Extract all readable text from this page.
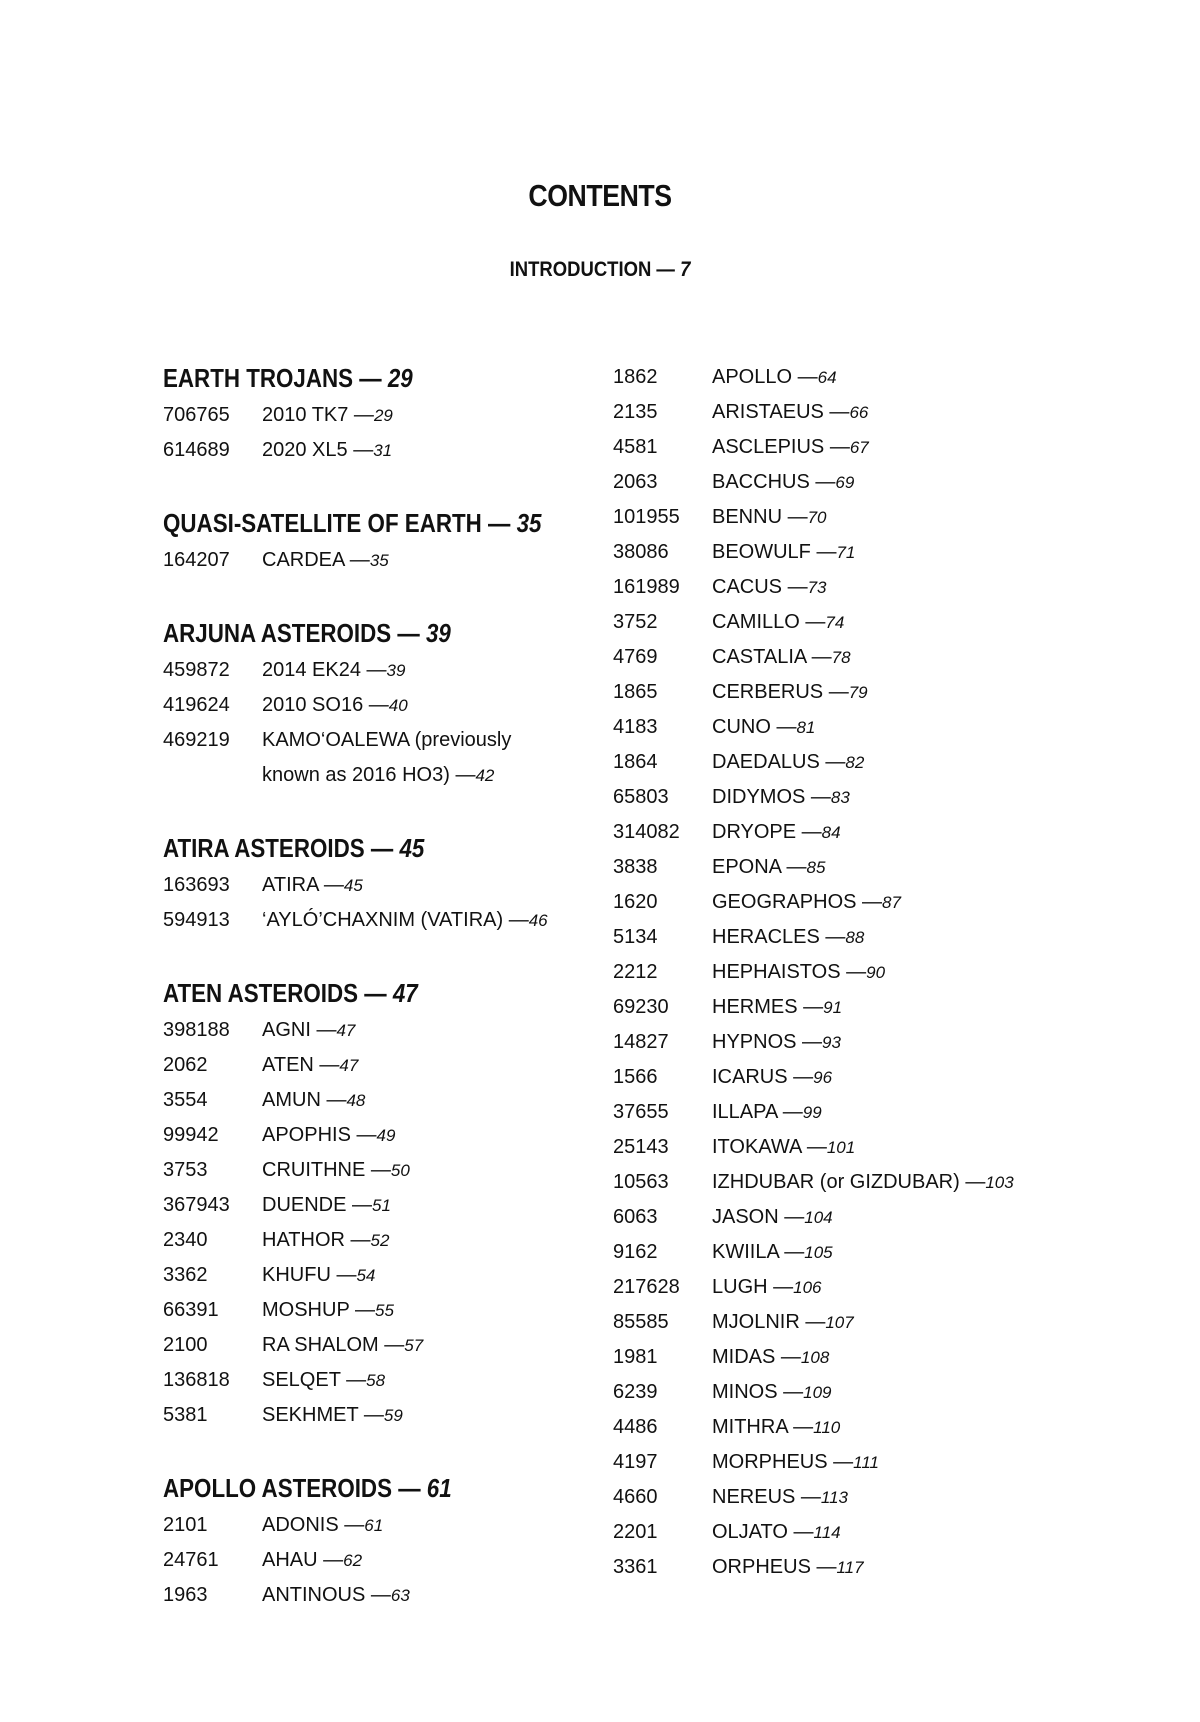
CONTENTS
INTRODUCTION — 7
EARTH TROJANS — 29
706765	2010 TK7 — 29
614689	2020 XL5 — 31
QUASI-SATELLITE OF EARTH — 35
164207	CARDEA — 35
ARJUNA ASTEROIDS — 39
459872	2014 EK24 — 39
419624	2010 SO16 — 40
469219	KAMO‘OALEWA (previously
known as 2016 HO3) — 42
ATIRA ASTEROIDS — 45
163693	ATIRA — 45
594913	‘AYLÓ’CHAXNIM (VATIRA) — 46
ATEN ASTEROIDS — 47
398188	AGNI — 47
2062	ATEN — 47
3554	AMUN — 48
99942	APOPHIS — 49
3753	CRUITHNE — 50
367943	DUENDE — 51
2340	HATHOR — 52
3362	KHUFU — 54
66391	MOSHUP — 55
2100	RA SHALOM — 57
136818	SELQET — 58
5381	SEKHMET — 59
APOLLO ASTEROIDS — 61
2101	ADONIS — 61
24761	AHAU — 62
1963	ANTINOUS — 63
1862	APOLLO — 64
2135	ARISTAEUS — 66
4581	ASCLEPIUS — 67
2063	BACCHUS — 69
101955	BENNU — 70
38086	BEOWULF — 71
161989	CACUS — 73
3752	CAMILLO — 74
4769	CASTALIA — 78
1865	CERBERUS — 79
4183	CUNO — 81
1864	DAEDALUS — 82
65803	DIDYMOS — 83
314082	DRYOPE — 84
3838	EPONA — 85
1620	GEOGRAPHOS — 87
5134	HERACLES — 88
2212	HEPHAISTOS — 90
69230	HERMES — 91
14827	HYPNOS — 93
1566	ICARUS — 96
37655	ILLAPA — 99
25143	ITOKAWA — 101
10563	IZHDUBAR (or GIZDUBAR) — 103
6063	JASON — 104
9162	KWIILA — 105
217628	LUGH — 106
85585	MJOLNIR — 107
1981	MIDAS — 108
6239	MINOS — 109
4486	MITHRA — 110
4197	MORPHEUS — 111
4660	NEREUS — 113
2201	OLJATO — 114
3361	ORPHEUS — 117
